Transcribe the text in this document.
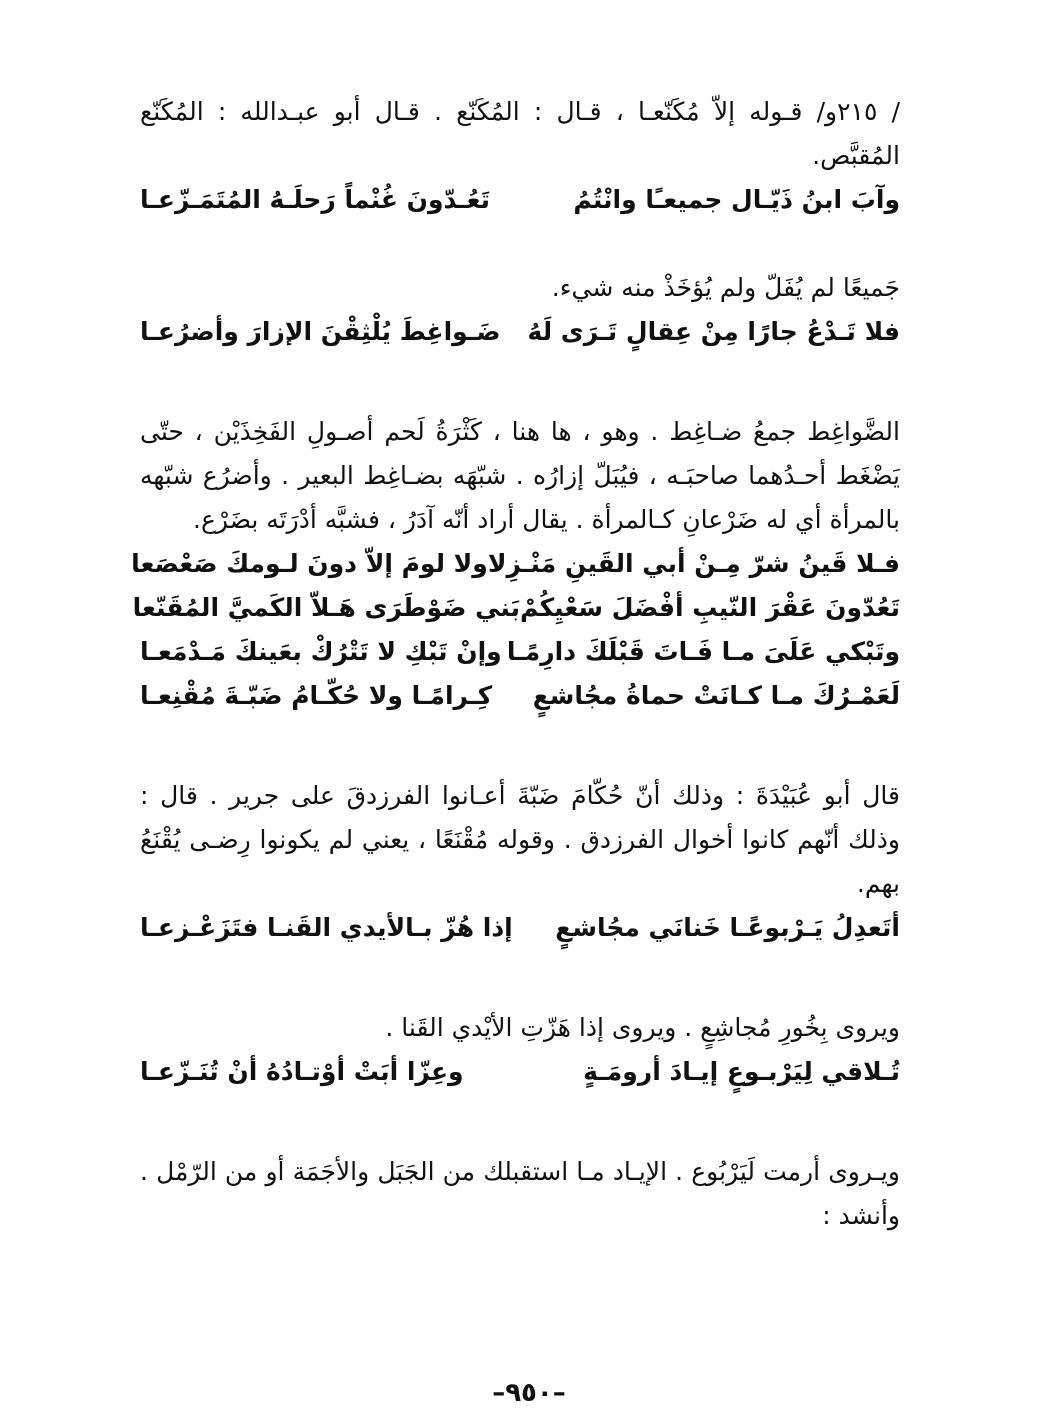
/ ٢١٥و/ قـوله إلاّ مُكَنّعـا ، قـال : المُكَنّع . قـال أبو عبـدالله : المُكَنّع المُقبَّص.

وآبَ ابنُ ذَيّـال جميعـًا وانْتُمُ
تَعُـدّونَ غُنْماً رَحلَـهُ المُتَمَـزّعـا

جَميعًا لم يُفَلّ ولم يُؤخَذْ منه شيء.

فلا تَـدْعُ جارًا مِنْ عِقالٍ تَـرَى لَهُ
ضَـواغِطَ يُلْثِقْنَ الإزارَ وأضرُعـا

الضَّواغِط جمعُ ضـاغِط . وهو ، ها هنا ، كَثْرَةُ لَحم أصـولِ الفَخِذَيْن ، حتّى يَضْغَط أحـدُهما صاحبَـه ، فيُبَلّ إزارُه . شبّهَه بضـاغِط البعير . وأضرُع شبّهه بالمرأة أي له ضَرْعانِ كـالمرأة . يقال أراد أنّه آدَرُ ، فشبَّه أدْرَتَه بضَرْع.

فـلا قَينُ شرّ مِـنْ أبي القَينِ مَنْـزِلا
ولا لومَ إلاّ دونَ لـومكَ صَعْصَعا
تَعُدّونَ عَقْرَ النّيبِ أفْضَلَ سَعْيِكُمْ
بَني ضَوْطَرَى هَـلاّ الكَميَّ المُقَنّعا
وتَبْكي عَلَىَ مـا فَـاتَ قَبْلَكَ دارِمًـا
وإنْ تَبْكِ لا تَتْرُكْ بعَينكَ مَـدْمَعـا
لَعَمْـرُكَ مـا كـانَتْ حماةُ مجُاشعٍ
كِـرامًـا ولا حُكّـامُ ضَبّـةَ مُقْنِعـا

قال أبو عُبَيْدَةَ : وذلك أنّ حُكّامَ ضَبّةَ أعـانوا الفرزدقَ على جرير . قال : وذلك أنّهم كانوا أخوال الفرزدق . وقوله مُقْنَعًا ، يعني لم يكونوا رِضـى يُقْنَعُ بهم.

أتَعدِلُ يَـرْبوعًـا خَنانَي مجُاشعٍ
إذا هُزّ بـالأيدي القَنـا فتَزَعْـزعـا

ويروى بِخُورِ مُجاشِعٍ . ويروى إذا هَزّتِ الأيْدي القَنا .

تُـلاقي لِيَرْبـوعٍ إيـادَ أرومَـةٍ
وعِزّا أبَتْ أوْتـادُهُ أنْ تُنَـزّعـا

ويـروى أرمت لَيَرْبُوع . الإيـاد مـا استقبلك من الجَبَل والأجَمَة أو من الرّمْل . وأنشد :

–٩٥٠–
